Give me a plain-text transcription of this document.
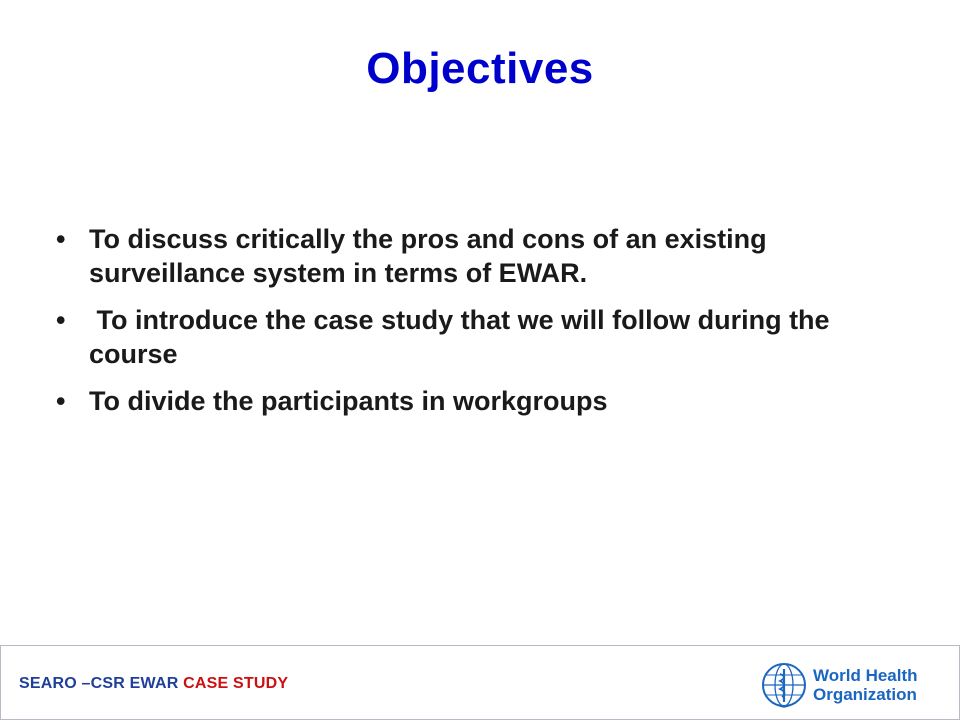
Objectives
• To discuss critically the pros and cons of an existing surveillance system in terms of EWAR.
• To introduce the case study that we will follow during the course
• To divide the participants in workgroups
SEARO –CSR EWAR CASE STUDY	World Health
Organization
